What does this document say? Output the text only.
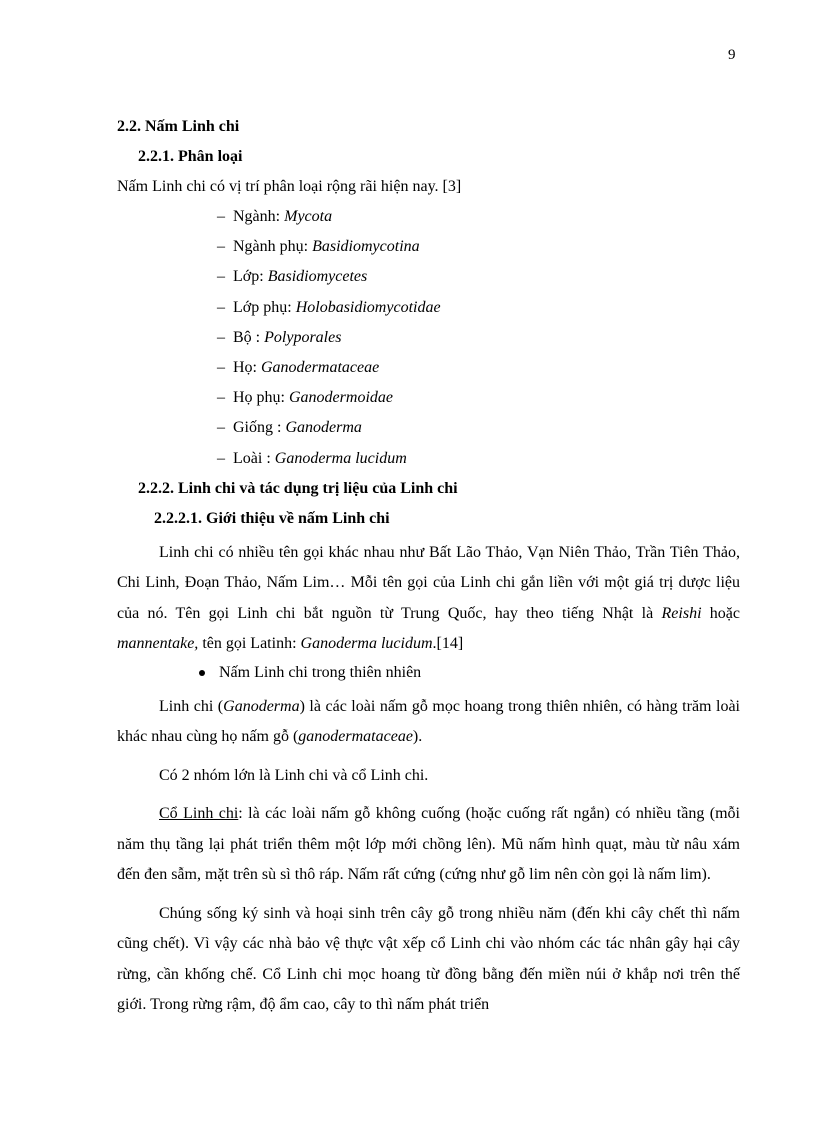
9
2.2. Nấm Linh chi
2.2.1. Phân loại
Nấm Linh chi có vị trí phân loại rộng rãi hiện nay. [3]
– Ngành: Mycota
– Ngành phụ: Basidiomycotina
– Lớp: Basidiomycetes
– Lớp phụ: Holobasidiomycotidae
– Bộ : Polyporales
– Họ: Ganodermataceae
– Họ phụ: Ganodermoidae
– Giống : Ganoderma
– Loài : Ganoderma lucidum
2.2.2. Linh chi và tác dụng trị liệu của Linh chi
2.2.2.1. Giới thiệu về nấm Linh chi

Linh chi có nhiều tên gọi khác nhau như Bất Lão Thảo, Vạn Niên Thảo, Trần Tiên Thảo, Chi Linh, Đoạn Thảo, Nấm Lim… Mỗi tên gọi của Linh chi gắn liền với một giá trị dược liệu của nó. Tên gọi Linh chi bắt nguồn từ Trung Quốc, hay theo tiếng Nhật là Reishi hoặc mannentake, tên gọi Latinh: Ganoderma lucidum.[14]

Nấm Linh chi trong thiên nhiên

Linh chi (Ganoderma) là các loài nấm gỗ mọc hoang trong thiên nhiên, có hàng trăm loài khác nhau cùng họ nấm gỗ (ganodermataceae).

Có 2 nhóm lớn là Linh chi và cổ Linh chi.

Cổ Linh chi: là các loài nấm gỗ không cuống (hoặc cuống rất ngắn) có nhiều tầng (mỗi năm thụ tầng lại phát triển thêm một lớp mới chồng lên). Mũ nấm hình quạt, màu từ nâu xám đến đen sẫm, mặt trên sù sì thô ráp. Nấm rất cứng (cứng như gỗ lim nên còn gọi là nấm lim).

Chúng sống ký sinh và hoại sinh trên cây gỗ trong nhiều năm (đến khi cây chết thì nấm cũng chết). Vì vậy các nhà bảo vệ thực vật xếp cổ Linh chi vào nhóm các tác nhân gây hại cây rừng, cần khống chế. Cổ Linh chi mọc hoang từ đồng bằng đến miền núi ở khắp nơi trên thế giới. Trong rừng rậm, độ ẩm cao, cây to thì nấm phát triển
